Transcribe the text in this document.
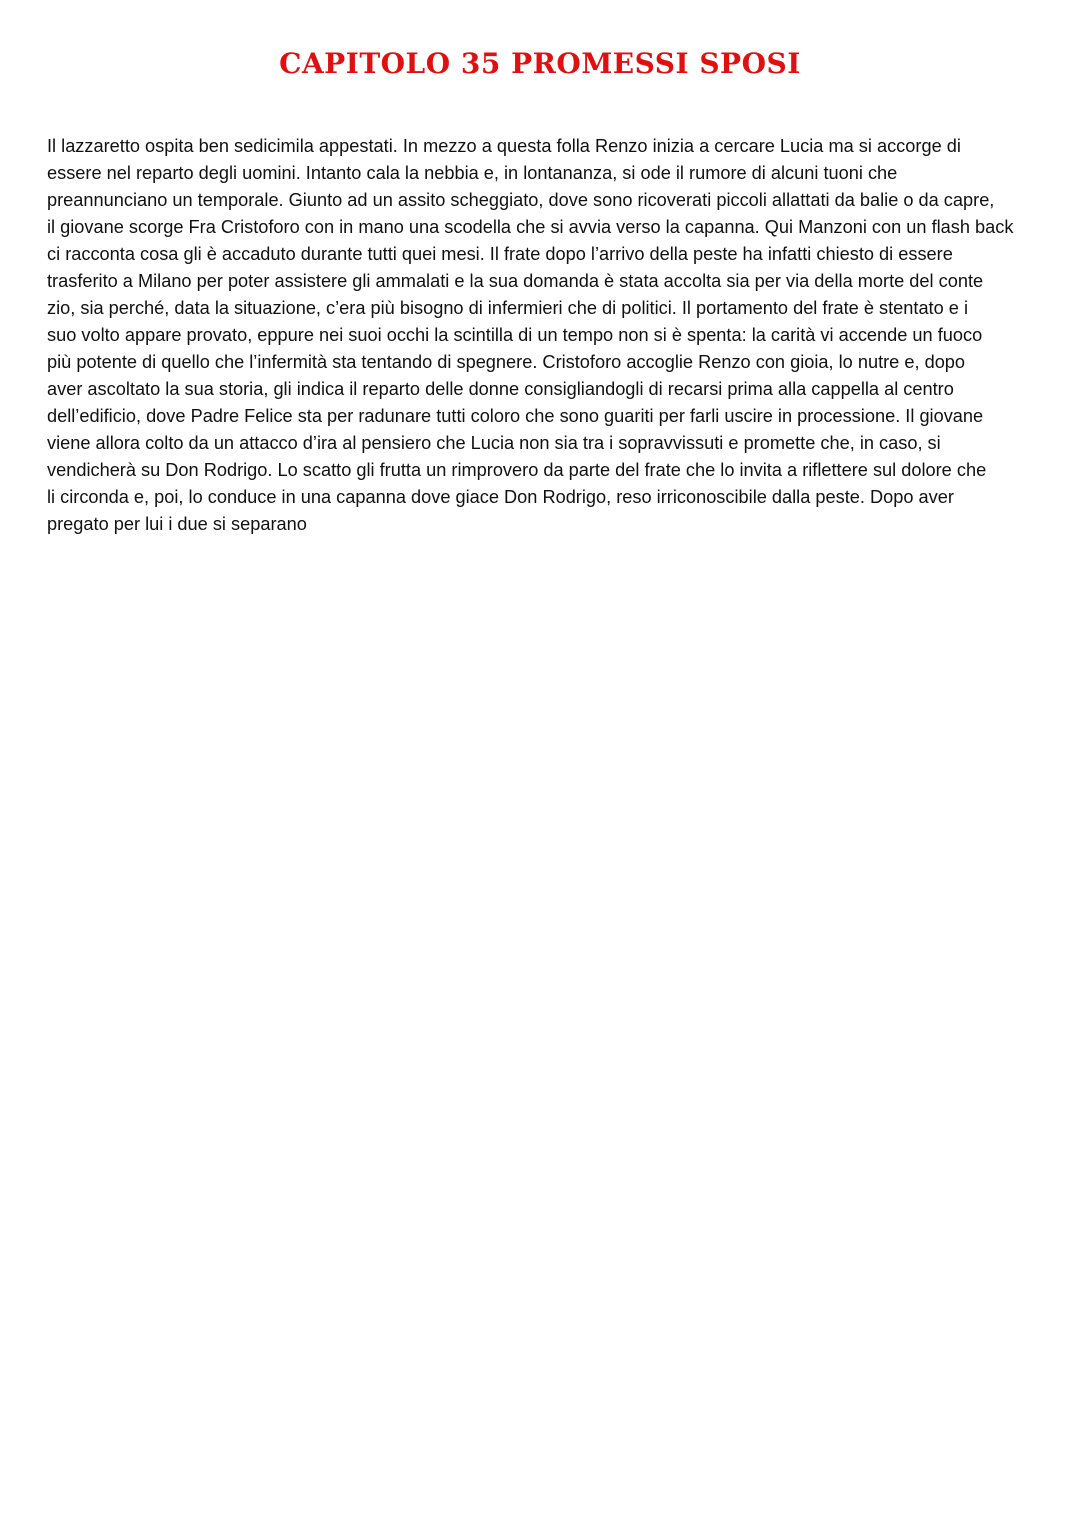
CAPITOLO 35 PROMESSI SPOSI

Il lazzaretto ospita ben sedicimila appestati. In mezzo a questa folla Renzo inizia a cercare Lucia ma si accorge di
essere nel reparto degli uomini. Intanto cala la nebbia e, in lontananza, si ode il rumore di alcuni tuoni che
preannunciano un temporale. Giunto ad un assito scheggiato, dove sono ricoverati piccoli allattati da balie o da capre,
il giovane scorge Fra Cristoforo con in mano una scodella che si avvia verso la capanna. Qui Manzoni con un flash back
ci racconta cosa gli è accaduto durante tutti quei mesi. Il frate dopo l’arrivo della peste ha infatti chiesto di essere
trasferito a Milano per poter assistere gli ammalati e la sua domanda è stata accolta sia per via della morte del conte
zio, sia perché, data la situazione, c’era più bisogno di infermieri che di politici. Il portamento del frate è stentato e i
suo volto appare provato, eppure nei suoi occhi la scintilla di un tempo non si è spenta: la carità vi accende un fuoco
più potente di quello che l’infermità sta tentando di spegnere. Cristoforo accoglie Renzo con gioia, lo nutre e, dopo
aver ascoltato la sua storia, gli indica il reparto delle donne consigliandogli di recarsi prima alla cappella al centro
dell’edificio, dove Padre Felice sta per radunare tutti coloro che sono guariti per farli uscire in processione. Il giovane
viene allora colto da un attacco d’ira al pensiero che Lucia non sia tra i sopravvissuti e promette che, in caso, si
vendicherà su Don Rodrigo. Lo scatto gli frutta un rimprovero da parte del frate che lo invita a riflettere sul dolore che
li circonda e, poi, lo conduce in una capanna dove giace Don Rodrigo, reso irriconoscibile dalla peste. Dopo aver
pregato per lui i due si separano
